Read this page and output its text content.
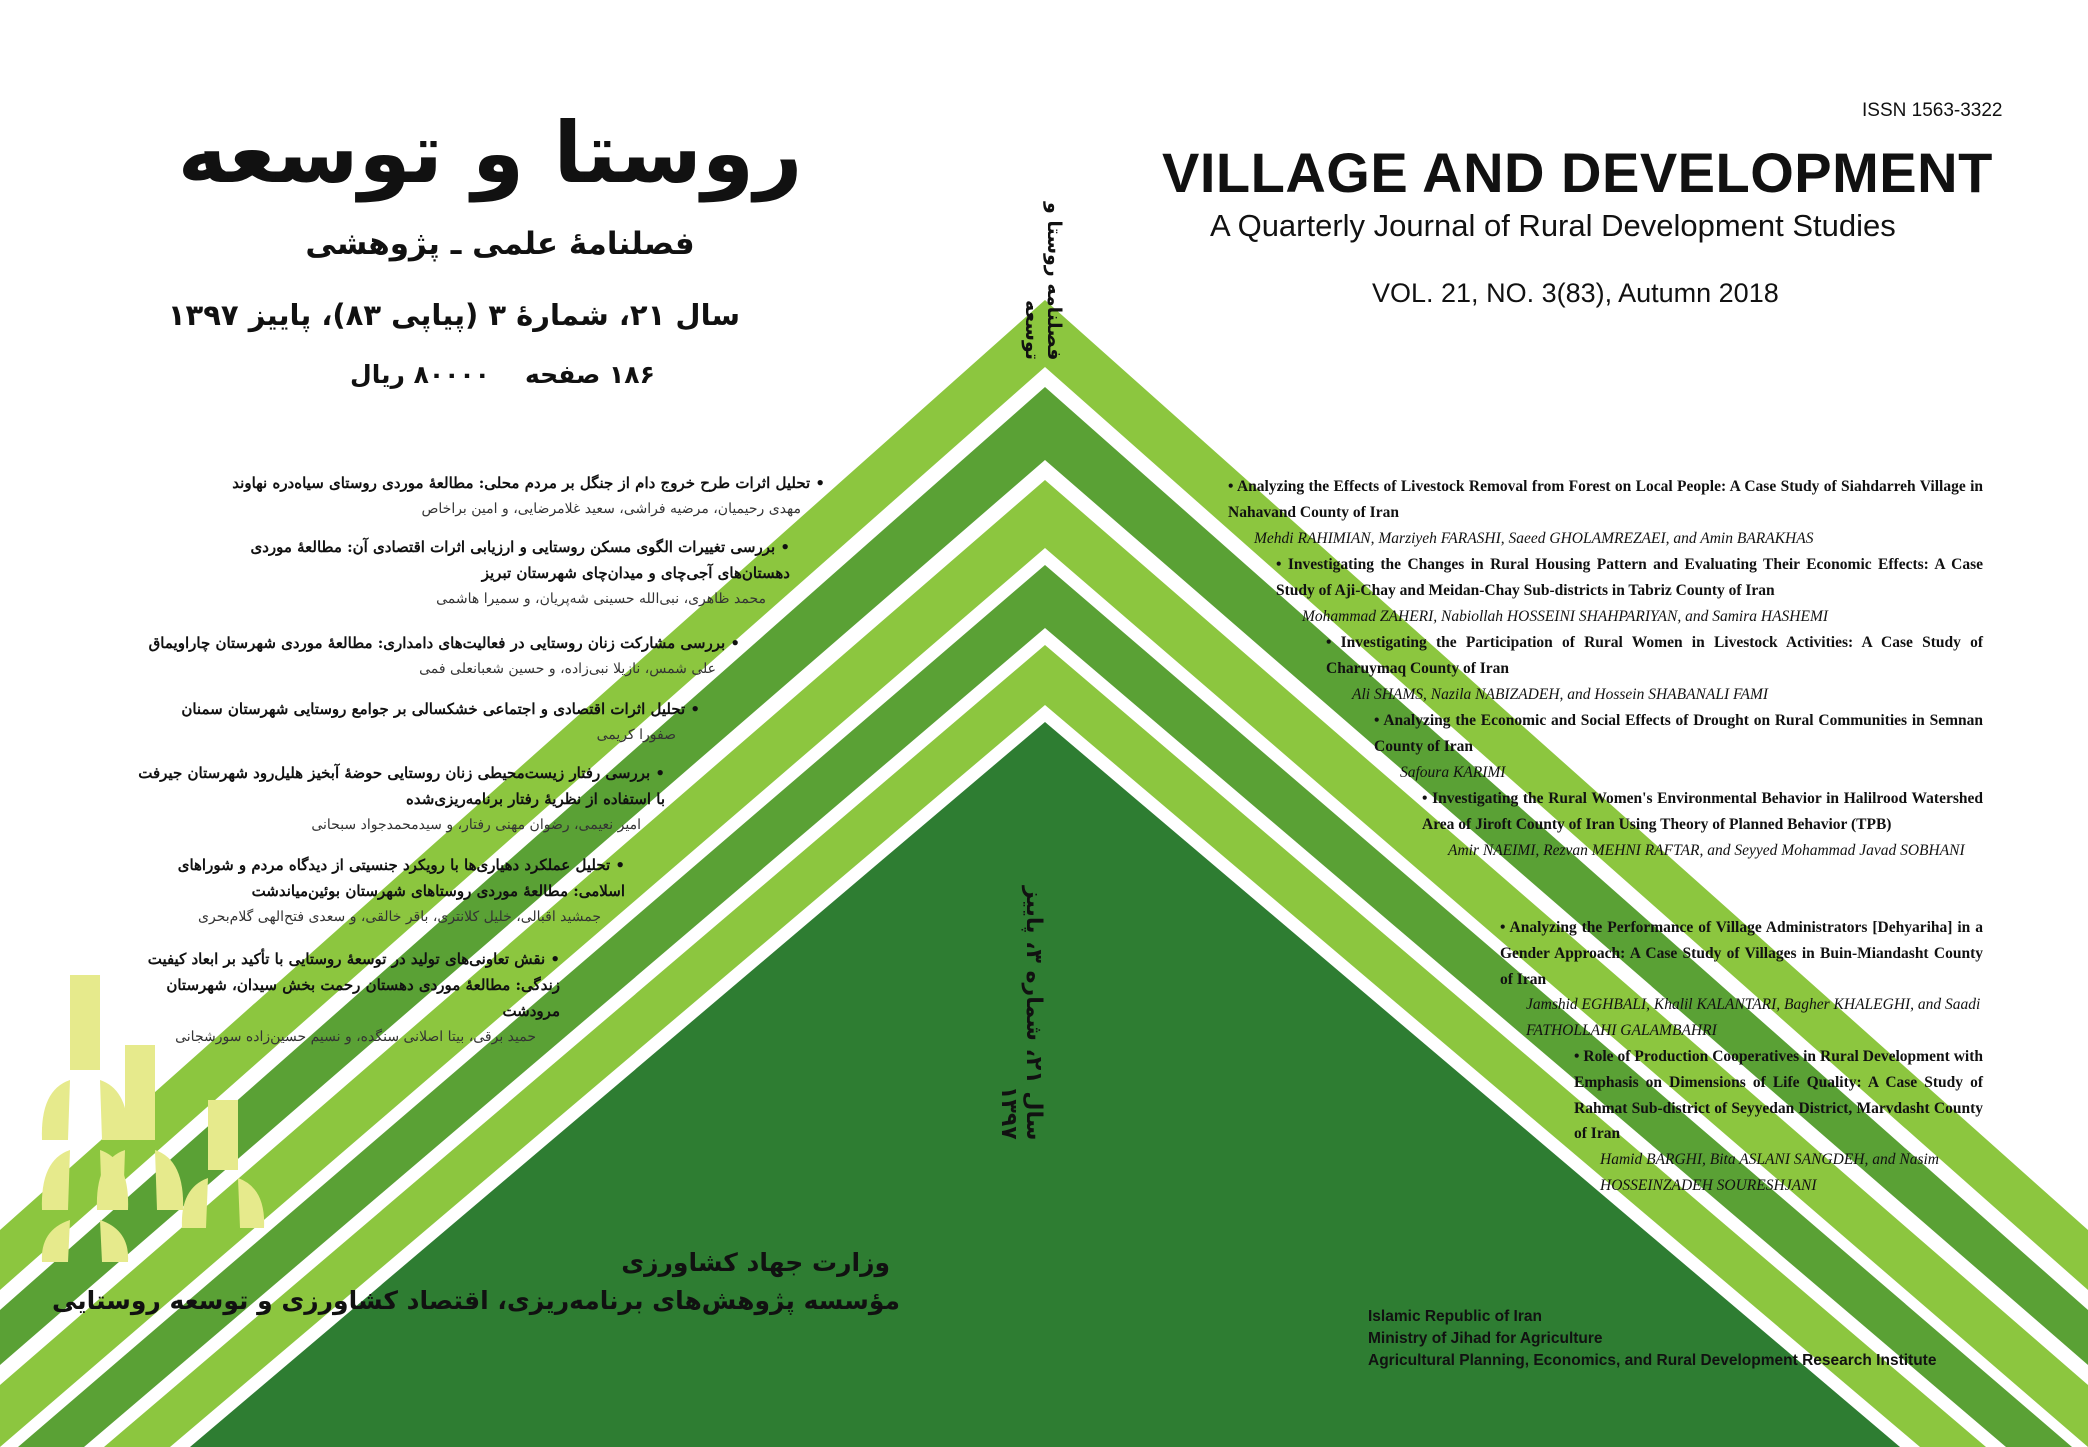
ISSN 1563-3322
VILLAGE AND DEVELOPMENT
A Quarterly Journal of Rural Development Studies
VOL. 21, NO. 3(83), Autumn 2018
• Analyzing the Effects of Livestock Removal from Forest on Local People: A Case Study of Siahdarreh Village in Nahavand County of Iran
Mehdi RAHIMIAN, Marziyeh FARASHI, Saeed GHOLAMREZAEI, and Amin BARAKHAS
• Investigating the Changes in Rural Housing Pattern and Evaluating Their Economic Effects: A Case Study of Aji-Chay and Meidan-Chay Sub-districts in Tabriz County of Iran
Mohammad ZAHERI, Nabiollah HOSSEINI SHAHPARIYAN, and Samira HASHEMI
• Investigating the Participation of Rural Women in Livestock Activities: A Case Study of Charuymaq County of Iran
Ali SHAMS, Nazila NABIZADEH, and Hossein SHABANALI FAMI
• Analyzing the Economic and Social Effects of Drought on Rural Communities in Semnan County of Iran
Safoura KARIMI
• Investigating the Rural Women's Environmental Behavior in Halilrood Watershed Area of Jiroft County of Iran Using Theory of Planned Behavior (TPB)
Amir NAEIMI, Rezvan MEHNI RAFTAR, and Seyyed Mohammad Javad SOBHANI
• Analyzing the Performance of Village Administrators [Dehyariha] in a Gender Approach: A Case Study of Villages in Buin-Miandasht County of Iran
Jamshid EGHBALI, Khalil KALANTARI, Bagher KHALEGHI, and Saadi FATHOLLAHI GALAMBAHRI
• Role of Production Cooperatives in Rural Development with Emphasis on Dimensions of Life Quality: A Case Study of Rahmat Sub-district of Seyyedan District, Marvdasht County of Iran
Hamid BARGHI, Bita ASLANI SANGDEH, and Nasim HOSSEINZADEH SOURESHJANI
Islamic Republic of Iran
Ministry of Jihad for Agriculture
Agricultural Planning, Economics, and Rural Development Research Institute
روستا و توسعه
فصلنامهٔ علمی ـ پژوهشی
سال ۲۱، شمارهٔ ۳ (پیاپی ۸۳)، پاییز ۱۳۹۷
۱۸۶ صفحه
۸۰۰۰۰ ریال
• تحلیل اثرات طرح خروج دام از جنگل بر مردم محلی: مطالعهٔ موردی روستای سیاه‌دره نهاوند
مهدی رحیمیان، مرضیه فراشی، سعید غلامرضایی، و امین براخاص
• بررسی تغییرات الگوی مسکن روستایی و ارزیابی اثرات اقتصادی آن: مطالعهٔ موردی دهستان‌های آجی‌چای و میدان‌چای شهرستان تبریز
محمد ظاهری، نبی‌الله حسینی شه‌پریان، و سمیرا هاشمی
• بررسی مشارکت زنان روستایی در فعالیت‌های دامداری: مطالعهٔ موردی شهرستان چاراویماق
علی شمس، نازیلا نبی‌زاده، و حسین شعبانعلی فمی
• تحلیل اثرات اقتصادی و اجتماعی خشکسالی بر جوامع روستایی شهرستان سمنان
صفورا کریمی
• بررسی رفتار زیست‌محیطی زنان روستایی حوضهٔ آبخیز هلیل‌رود شهرستان جیرفت با استفاده از نظریهٔ رفتار برنامه‌ریزی‌شده
امیر نعیمی، رضوان مهنی رفتار، و سیدمحمدجواد سبحانی
• تحلیل عملکرد دهیاری‌ها با رویکرد جنسیتی از دیدگاه مردم و شوراهای اسلامی: مطالعهٔ موردی روستاهای شهرستان بوئین‌میاندشت
جمشید اقبالی، خلیل کلانتری، باقر خالقی، و سعدی فتح‌الهی گلام‌بحری
• نقش تعاونی‌های تولید در توسعهٔ روستایی با تأکید بر ابعاد کیفیت زندگی: مطالعهٔ موردی دهستان رحمت بخش سیدان، شهرستان مرودشت
حمید برقی، بیتا اصلانی سنگده، و نسیم حسین‌زاده سورشجانی
وزارت جهاد کشاورزی
مؤسسه پژوهش‌های برنامه‌ریزی، اقتصاد کشاورزی و توسعه روستایی
فصلنامه روستا و توسعه
سال ۲۱، شماره ۳، پاییز ۱۳۹۷
